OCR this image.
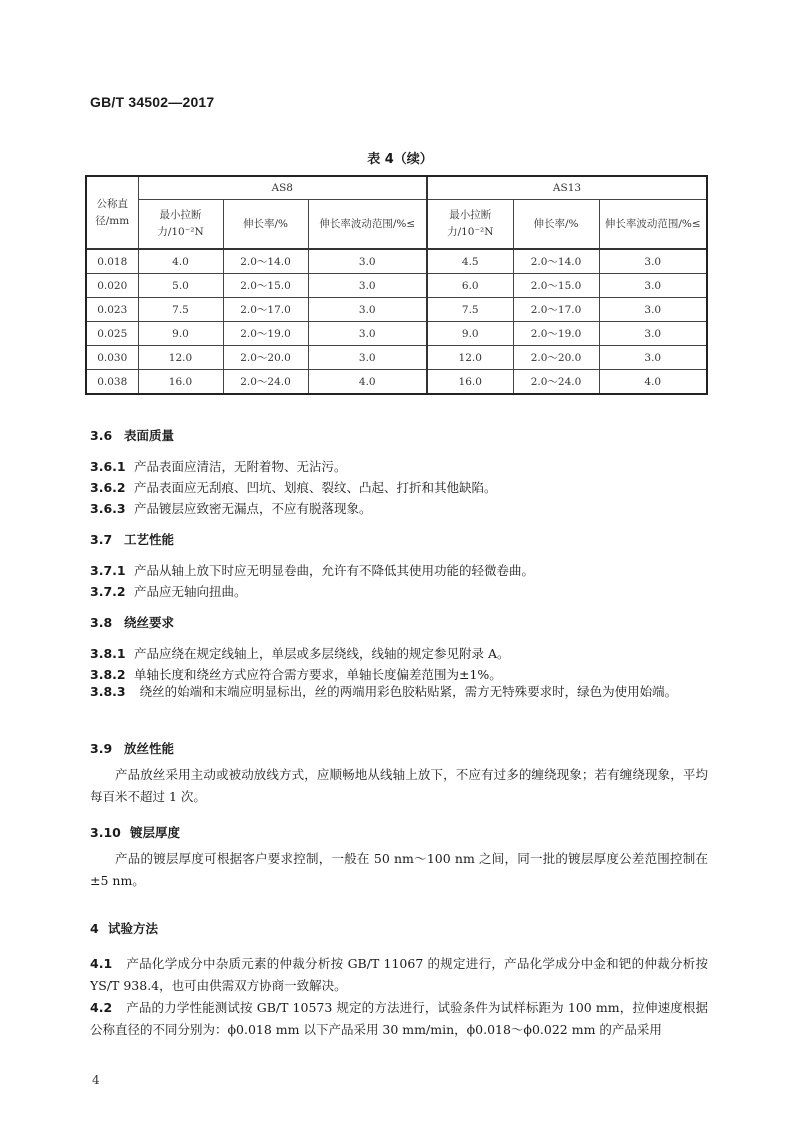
GB/T 34502—2017
表 4（续）
公称直径/mm	AS8			AS13		
	最小拉断力/10⁻²N	伸长率/%	伸长率波动范围/%≤	最小拉断力/10⁻²N	伸长率/%	伸长率波动范围/%≤
0.018	4.0	2.0～14.0	3.0	4.5	2.0～14.0	3.0
0.020	5.0	2.0～15.0	3.0	6.0	2.0～15.0	3.0
0.023	7.5	2.0～17.0	3.0	7.5	2.0～17.0	3.0
0.025	9.0	2.0～19.0	3.0	9.0	2.0～19.0	3.0
0.030	12.0	2.0～20.0	3.0	12.0	2.0～20.0	3.0
0.038	16.0	2.0～24.0	4.0	16.0	2.0～24.0	4.0
3.6 表面质量
3.6.1 产品表面应清洁，无附着物、无沾污。
3.6.2 产品表面应无刮痕、凹坑、划痕、裂纹、凸起、打折和其他缺陷。
3.6.3 产品镀层应致密无漏点，不应有脱落现象。
3.7 工艺性能
3.7.1 产品从轴上放下时应无明显卷曲，允许有不降低其使用功能的轻微卷曲。
3.7.2 产品应无轴向扭曲。
3.8 绕丝要求
3.8.1 产品应绕在规定线轴上，单层或多层绕线，线轴的规定参见附录 A。
3.8.2 单轴长度和绕丝方式应符合需方要求，单轴长度偏差范围为±1%。
3.8.3 绕丝的始端和末端应明显标出，丝的两端用彩色胶粘贴紧，需方无特殊要求时，绿色为使用始端。
3.9 放丝性能
产品放丝采用主动或被动放线方式，应顺畅地从线轴上放下，不应有过多的缠绕现象；若有缠绕现象，平均每百米不超过 1 次。
3.10 镀层厚度
产品的镀层厚度可根据客户要求控制，一般在 50 nm～100 nm 之间，同一批的镀层厚度公差范围控制在±5 nm。
4 试验方法
4.1 产品化学成分中杂质元素的仲裁分析按 GB/T 11067 的规定进行，产品化学成分中金和钯的仲裁分析按 YS/T 938.4，也可由供需双方协商一致解决。
4.2 产品的力学性能测试按 GB/T 10573 规定的方法进行，试验条件为试样标距为 100 mm，拉伸速度根据公称直径的不同分别为：ϕ0.018 mm 以下产品采用 30 mm/min，ϕ0.018～ϕ0.022 mm 的产品采用
4
